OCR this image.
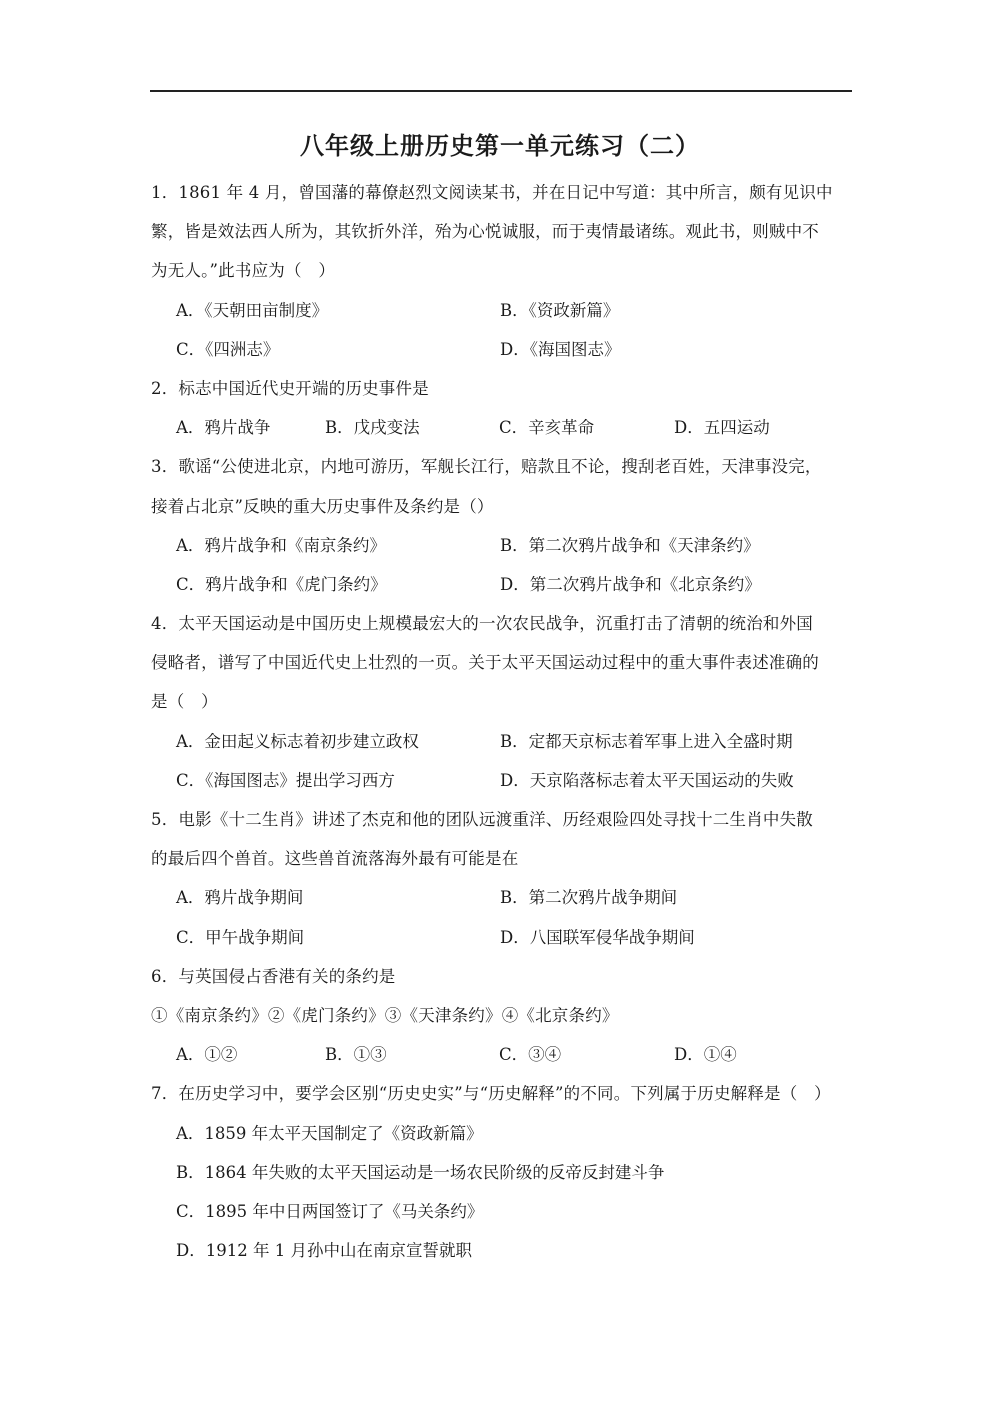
八年级上册历史第一单元练习（二）
1．1861 年 4 月，曾国藩的幕僚赵烈文阅读某书，并在日记中写道：其中所言，颇有见识中
繁，皆是效法西人所为，其钦折外洋，殆为心悦诚服，而于夷情最诸练。观此书，则贼中不
为无人。”此书应为（　）
A．《天朝田亩制度》	B．《资政新篇》
C．《四洲志》	D．《海国图志》
2．标志中国近代史开端的历史事件是
A．鸦片战争	B．戊戌变法	C．辛亥革命	D．五四运动
3．歌谣“公使进北京，内地可游历，军舰长江行，赔款且不论，搜刮老百姓，天津事没完，
接着占北京”反映的重大历史事件及条约是（）
A．鸦片战争和《南京条约》	B．第二次鸦片战争和《天津条约》
C．鸦片战争和《虎门条约》	D．第二次鸦片战争和《北京条约》
4．太平天国运动是中国历史上规模最宏大的一次农民战争，沉重打击了清朝的统治和外国
侵略者，谱写了中国近代史上壮烈的一页。关于太平天国运动过程中的重大事件表述准确的
是（　）
A．金田起义标志着初步建立政权	B．定都天京标志着军事上进入全盛时期
C．《海国图志》提出学习西方	D．天京陷落标志着太平天国运动的失败
5．电影《十二生肖》讲述了杰克和他的团队远渡重洋、历经艰险四处寻找十二生肖中失散
的最后四个兽首。这些兽首流落海外最有可能是在
A．鸦片战争期间	B．第二次鸦片战争期间
C．甲午战争期间	D．八国联军侵华战争期间
6．与英国侵占香港有关的条约是
①《南京条约》②《虎门条约》③《天津条约》④《北京条约》
A．①②	B．①③	C．③④	D．①④
7．在历史学习中，要学会区别“历史史实”与“历史解释”的不同。下列属于历史解释是（　）
A．1859 年太平天国制定了《资政新篇》
B．1864 年失败的太平天国运动是一场农民阶级的反帝反封建斗争
C．1895 年中日两国签订了《马关条约》
D．1912 年 1 月孙中山在南京宣誓就职
